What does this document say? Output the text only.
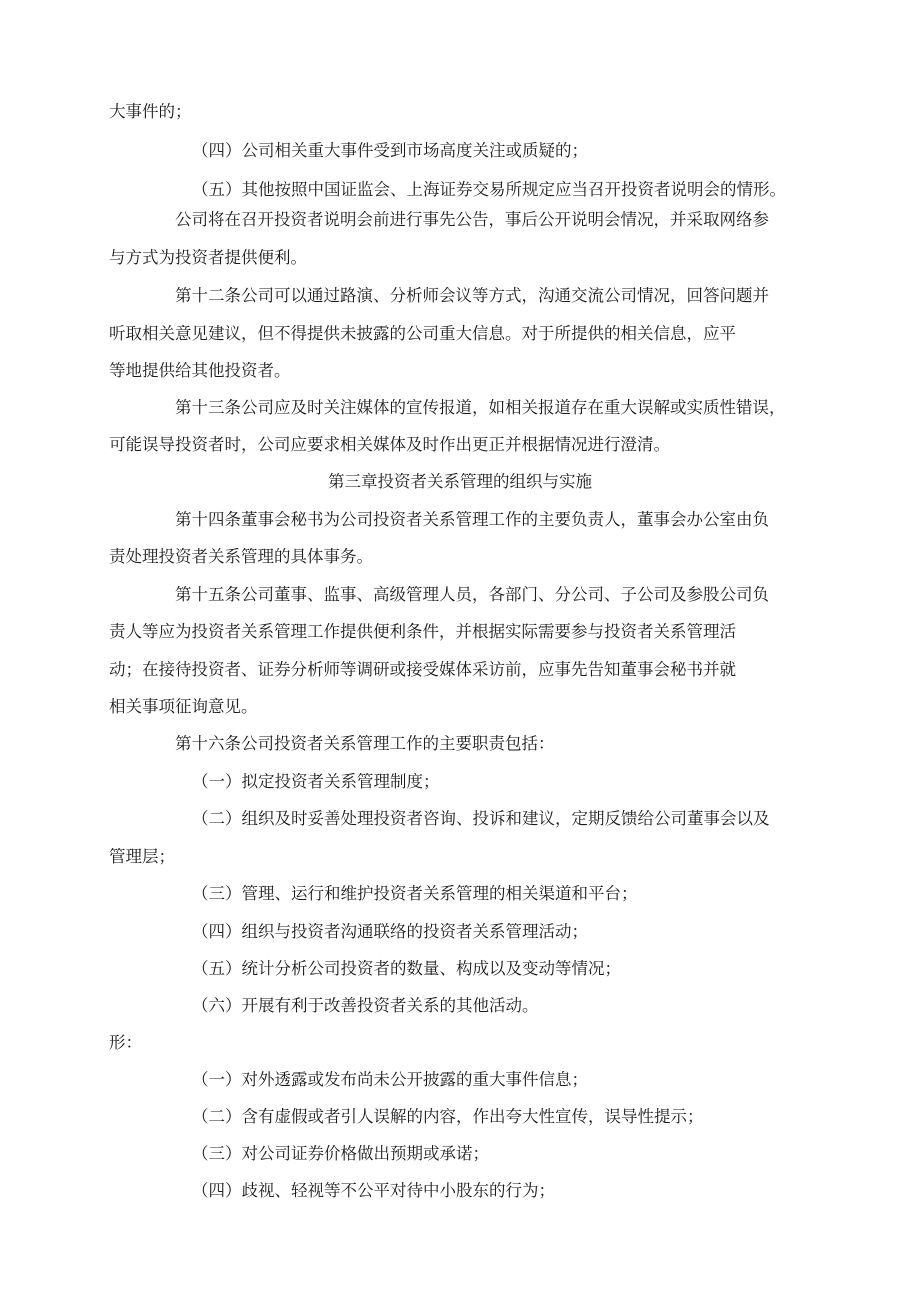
大事件的；
（四）公司相关重大事件受到市场高度关注或质疑的；
（五）其他按照中国证监会、上海证券交易所规定应当召开投资者说明会的情形。
公司将在召开投资者说明会前进行事先公告，事后公开说明会情况，并采取网络参
与方式为投资者提供便利。
第十二条公司可以通过路演、分析师会议等方式，沟通交流公司情况，回答问题并
听取相关意见建议，但不得提供未披露的公司重大信息。对于所提供的相关信息，应平
等地提供给其他投资者。
第十三条公司应及时关注媒体的宣传报道，如相关报道存在重大误解或实质性错误，
可能误导投资者时，公司应要求相关媒体及时作出更正并根据情况进行澄清。
第三章投资者关系管理的组织与实施
第十四条董事会秘书为公司投资者关系管理工作的主要负责人，董事会办公室由负
责处理投资者关系管理的具体事务。
第十五条公司董事、监事、高级管理人员，各部门、分公司、子公司及参股公司负
责人等应为投资者关系管理工作提供便利条件，并根据实际需要参与投资者关系管理活
动；在接待投资者、证券分析师等调研或接受媒体采访前，应事先告知董事会秘书并就
相关事项征询意见。
第十六条公司投资者关系管理工作的主要职责包括：
（一）拟定投资者关系管理制度；
（二）组织及时妥善处理投资者咨询、投诉和建议，定期反馈给公司董事会以及
管理层；
（三）管理、运行和维护投资者关系管理的相关渠道和平台；
（四）组织与投资者沟通联络的投资者关系管理活动；
（五）统计分析公司投资者的数量、构成以及变动等情况；
（六）开展有利于改善投资者关系的其他活动。
形：
（一）对外透露或发布尚未公开披露的重大事件信息；
（二）含有虚假或者引人误解的内容，作出夸大性宣传，误导性提示；
（三）对公司证券价格做出预期或承诺；
（四）歧视、轻视等不公平对待中小股东的行为；
